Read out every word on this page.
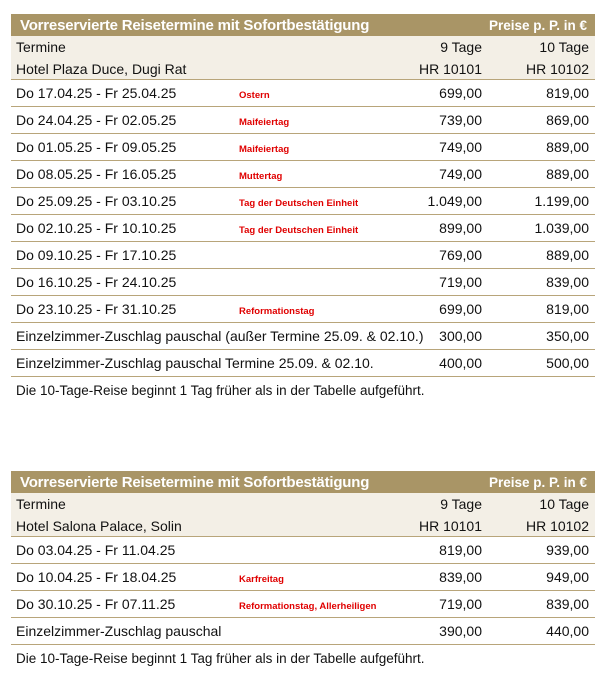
Vorreservierte Reisetermine mit Sofortbestätigung	Preise p. P. in €
Termine	9 Tage	10 Tage
Hotel Plaza Duce, Dugi Rat	HR 10101	HR 10102
Do 17.04.25 - Fr 25.04.25	Ostern	699,00	819,00
Do 24.04.25 - Fr 02.05.25	Maifeiertag	739,00	869,00
Do 01.05.25 - Fr 09.05.25	Maifeiertag	749,00	889,00
Do 08.05.25 - Fr 16.05.25	Muttertag	749,00	889,00
Do 25.09.25 - Fr 03.10.25	Tag der Deutschen Einheit	1.049,00	1.199,00
Do 02.10.25 - Fr 10.10.25	Tag der Deutschen Einheit	899,00	1.039,00
Do 09.10.25 - Fr 17.10.25	769,00	889,00
Do 16.10.25 - Fr 24.10.25	719,00	839,00
Do 23.10.25 - Fr 31.10.25	Reformationstag	699,00	819,00
Einzelzimmer-Zuschlag pauschal (außer Termine 25.09. & 02.10.) 300,00	350,00
Einzelzimmer-Zuschlag pauschal Termine 25.09. & 02.10.	400,00	500,00
Die 10-Tage-Reise beginnt 1 Tag früher als in der Tabelle aufgeführt.
Vorreservierte Reisetermine mit Sofortbestätigung	Preise p. P. in €
Termine	9 Tage	10 Tage
Hotel Salona Palace, Solin	HR 10101	HR 10102
Do 03.04.25 - Fr 11.04.25	819,00	939,00
Do 10.04.25 - Fr 18.04.25	Karfreitag	839,00	949,00
Do 30.10.25 - Fr 07.11.25	Reformationstag, Allerheiligen	719,00	839,00
Einzelzimmer-Zuschlag pauschal	390,00	440,00
Die 10-Tage-Reise beginnt 1 Tag früher als in der Tabelle aufgeführt.
